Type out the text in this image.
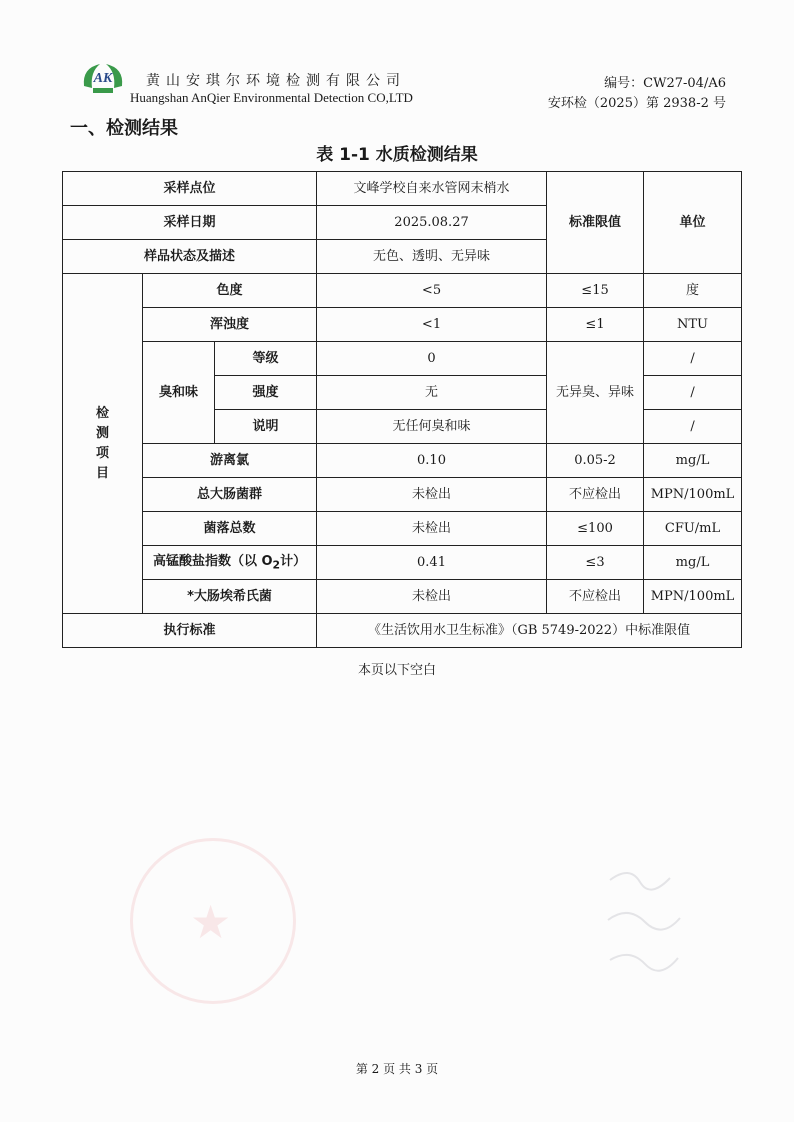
AK 黄山安琪尔环境检测有限公司
Huangshan AnQier Environmental Detection CO,LTD
编号：CW27-04/A6
安环检（2025）第 2938-2 号
一、检测结果
表 1-1 水质检测结果
采样点位			文峰学校自来水管网末梢水	标准限值	单位
采样日期			2025.08.27		
样品状态及描述			无色、透明、无异味		
检测项目	色度		<5	≤15	度
	浑浊度		<1	≤1	NTU
	臭和味	等级	0	无异臭、异味	/
		强度	无		/
		说明	无任何臭和味		/
	游离氯		0.10	0.05-2	mg/L
	总大肠菌群		未检出	不应检出	MPN/100mL
	菌落总数		未检出	≤100	CFU/mL
	高锰酸盐指数（以 $O_2$计）		0.41	≤3	mg/L
	*大肠埃希氏菌		未检出	不应检出	MPN/100mL
执行标准			《生活饮用水卫生标准》（GB 5749-2022）中标准限值		
本页以下空白
★
第 2 页 共 3 页
